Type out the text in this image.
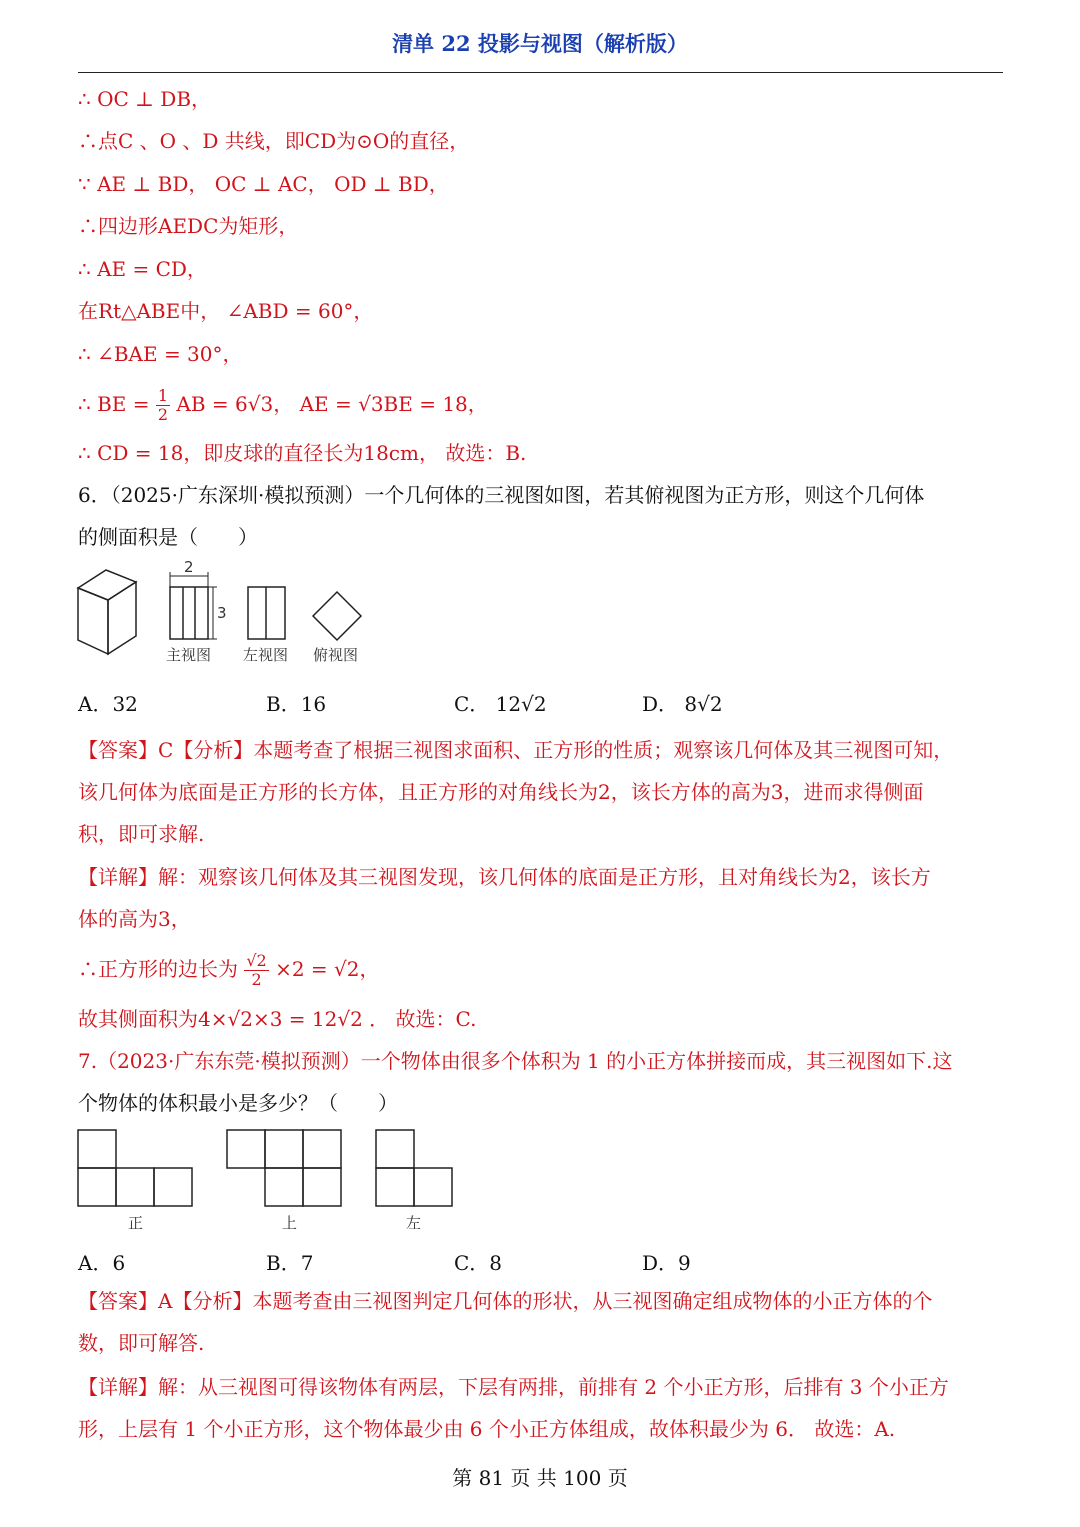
清单 22 投影与视图（解析版）
∴ OC ⊥ DB，
∴点C 、O 、D 共线，即CD为⊙O的直径，
∵ AE ⊥ BD， OC ⊥ AC， OD ⊥ BD，
∴四边形AEDC为矩形，
∴ AE = CD，
在Rt△ABE中， ∠ABD = 60°，
∴ ∠BAE = 30°，
∴ BE = $\frac{1}{2}$ AB = 6√3， AE = √3BE = 18，
∴ CD = 18，即皮球的直径长为18cm， 故选：B.
6．（2025·广东深圳·模拟预测）一个几何体的三视图如图，若其俯视图为正方形，则这个几何体
的侧面积是（　　）
2
3
主视图 左视图 俯视图
A．32	B．16	C． 12√2	D． 8√2
【答案】C【分析】本题考查了根据三视图求面积、正方形的性质；观察该几何体及其三视图可知，
该几何体为底面是正方形的长方体，且正方形的对角线长为2，该长方体的高为3，进而求得侧面
积，即可求解.
【详解】解：观察该几何体及其三视图发现，该几何体的底面是正方形，且对角线长为2，该长方
体的高为3，
∴正方形的边长为 $\frac{√2}{2} \times 2 = √2$，
故其侧面积为4×√2×3 = 12√2 ． 故选：C.
7.（2023·广东东莞·模拟预测）一个物体由很多个体积为 1 的小正方体拼接而成，其三视图如下.这
个物体的体积最小是多少？（　　）
正	上	左
A．6	B．7	C．8	D．9
【答案】A【分析】本题考查由三视图判定几何体的形状，从三视图确定组成物体的小正方体的个
数，即可解答.
【详解】解：从三视图可得该物体有两层，下层有两排，前排有 2 个小正方形，后排有 3 个小正方
形，上层有 1 个小正方形，这个物体最少由 6 个小正方体组成，故体积最少为 6． 故选：A.
第 81 页 共 100 页
